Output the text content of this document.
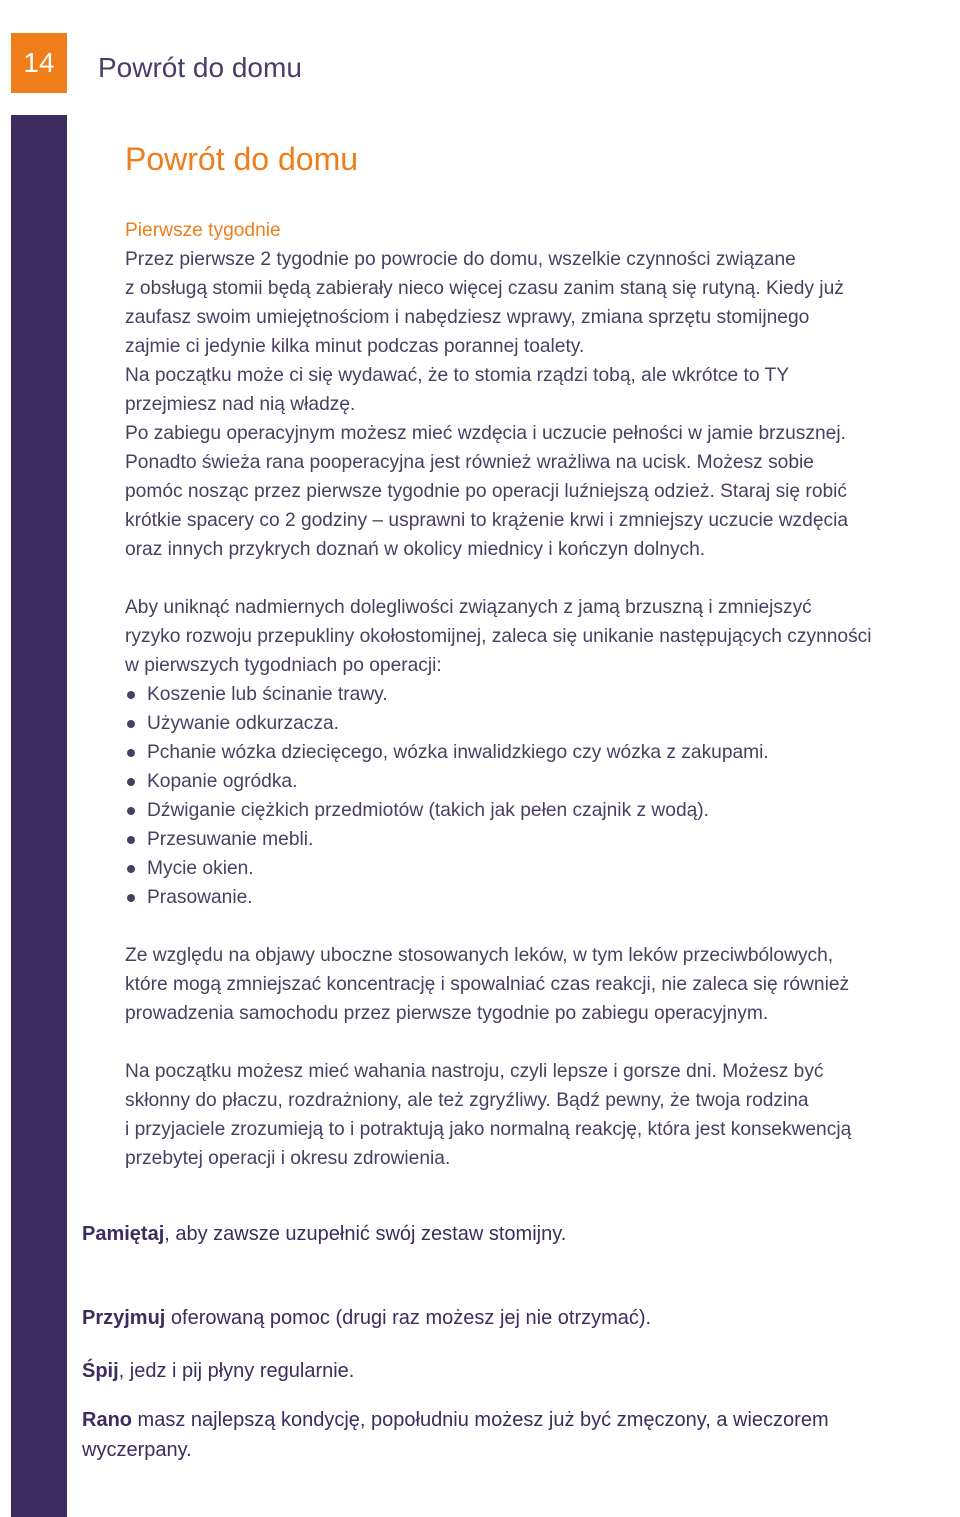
14	Powrót do domu
Powrót do domu
Pierwsze tygodnie
Przez pierwsze 2 tygodnie po powrocie do domu, wszelkie czynności związane
z obsługą stomii będą zabierały nieco więcej czasu zanim staną się rutyną. Kiedy już
zaufasz swoim umiejętnościom i nabędziesz wprawy, zmiana sprzętu stomijnego
zajmie ci jedynie kilka minut podczas porannej toalety.
Na początku może ci się wydawać, że to stomia rządzi tobą, ale wkrótce to TY
przejmiesz nad nią władzę.
Po zabiegu operacyjnym możesz mieć wzdęcia i uczucie pełności w jamie brzusznej.
Ponadto świeża rana pooperacyjna jest również wrażliwa na ucisk. Możesz sobie
pomóc nosząc przez pierwsze tygodnie po operacji luźniejszą odzież. Staraj się robić
krótkie spacery co 2 godziny – usprawni to krążenie krwi i zmniejszy uczucie wzdęcia
oraz innych przykrych doznań w okolicy miednicy i kończyn dolnych.
Aby uniknąć nadmiernych dolegliwości związanych z jamą brzuszną i zmniejszyć
ryzyko rozwoju przepukliny okołostomijnej, zaleca się unikanie następujących czynności
w pierwszych tygodniach po operacji:
Koszenie lub ścinanie trawy.
Używanie odkurzacza.
Pchanie wózka dziecięcego, wózka inwalidzkiego czy wózka z zakupami.
Kopanie ogródka.
Dźwiganie ciężkich przedmiotów (takich jak pełen czajnik z wodą).
Przesuwanie mebli.
Mycie okien.
Prasowanie.
Ze względu na objawy uboczne stosowanych leków, w tym leków przeciwbólowych,
które mogą zmniejszać koncentrację i spowalniać czas reakcji, nie zaleca się również
prowadzenia samochodu przez pierwsze tygodnie po zabiegu operacyjnym.
Na początku możesz mieć wahania nastroju, czyli lepsze i gorsze dni. Możesz być
skłonny do płaczu, rozdrażniony, ale też zgryźliwy. Bądź pewny, że twoja rodzina
i przyjaciele zrozumieją to i potraktują jako normalną reakcję, która jest konsekwencją
przebytej operacji i okresu zdrowienia.
Pamiętaj, aby zawsze uzupełnić swój zestaw stomijny.
Przyjmuj oferowaną pomoc (drugi raz możesz jej nie otrzymać).
Śpij, jedz i pij płyny regularnie.
Rano masz najlepszą kondycję, popołudniu możesz już być zmęczony, a wieczorem
wyczerpany.
